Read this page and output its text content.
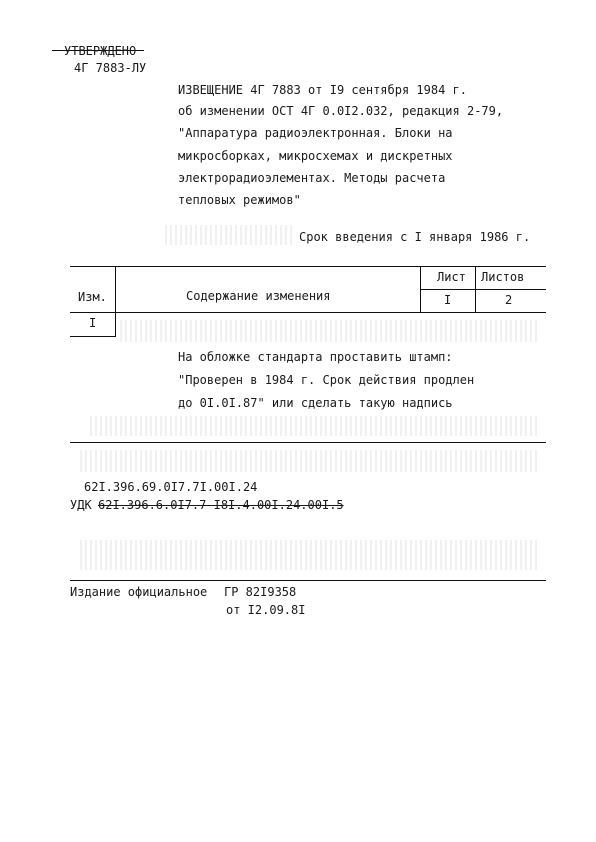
УТВЕРЖДЕНО
4Г 7883-ЛУ
ИЗВЕЩЕНИЕ 4Г 7883 от I9 сентября 1984 г.
об изменении ОСТ 4Г 0.0I2.032, редакция 2-79,
"Аппаратура радиоэлектронная. Блоки на
микросборках, микросхемах и дискретных
электрорадиоэлементах. Методы расчета
тепловых режимов"
Срок введения с I января 1986 г.
Изм.	Содержание изменения
Лист Листов
I	2
I
На обложке стандарта проставить штамп:
"Проверен в 1984 г. Срок действия продлен
до 0I.0I.87" или сделать такую надпись
62I.396.69.0I7.7I.00I.24
УДК 62I.396.6.0I7.7-I8I.4.00I.24.00I.5
Издание официальное ГР 82I9358
от I2.09.8I
